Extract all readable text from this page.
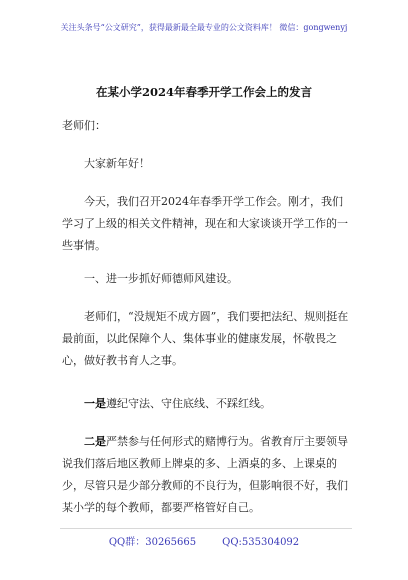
关注头条号“公文研究”，获得最新最全最专业的公文资料库！ 微信：gongwenyj
在某小学2024年春季开学工作会上的发言

老师们：

大家新年好！

今天，我们召开2024年春季开学工作会。刚才，我们学习了上级的相关文件精神，现在和大家谈谈开学工作的一些事情。

一、进一步抓好师德师风建设。

老师们，“没规矩不成方圆”，我们要把法纪、规则挺在最前面，以此保障个人、集体事业的健康发展，怀敬畏之心，做好教书育人之事。

一是遵纪守法、守住底线、不踩红线。

二是严禁参与任何形式的赌博行为。省教育厅主要领导说我们落后地区教师上牌桌的多、上酒桌的多、上课桌的少，尽管只是少部分教师的不良行为，但影响很不好，我们某小学的每个教师，都要严格管好自己。

QQ群：30265665	QQ:535304092
